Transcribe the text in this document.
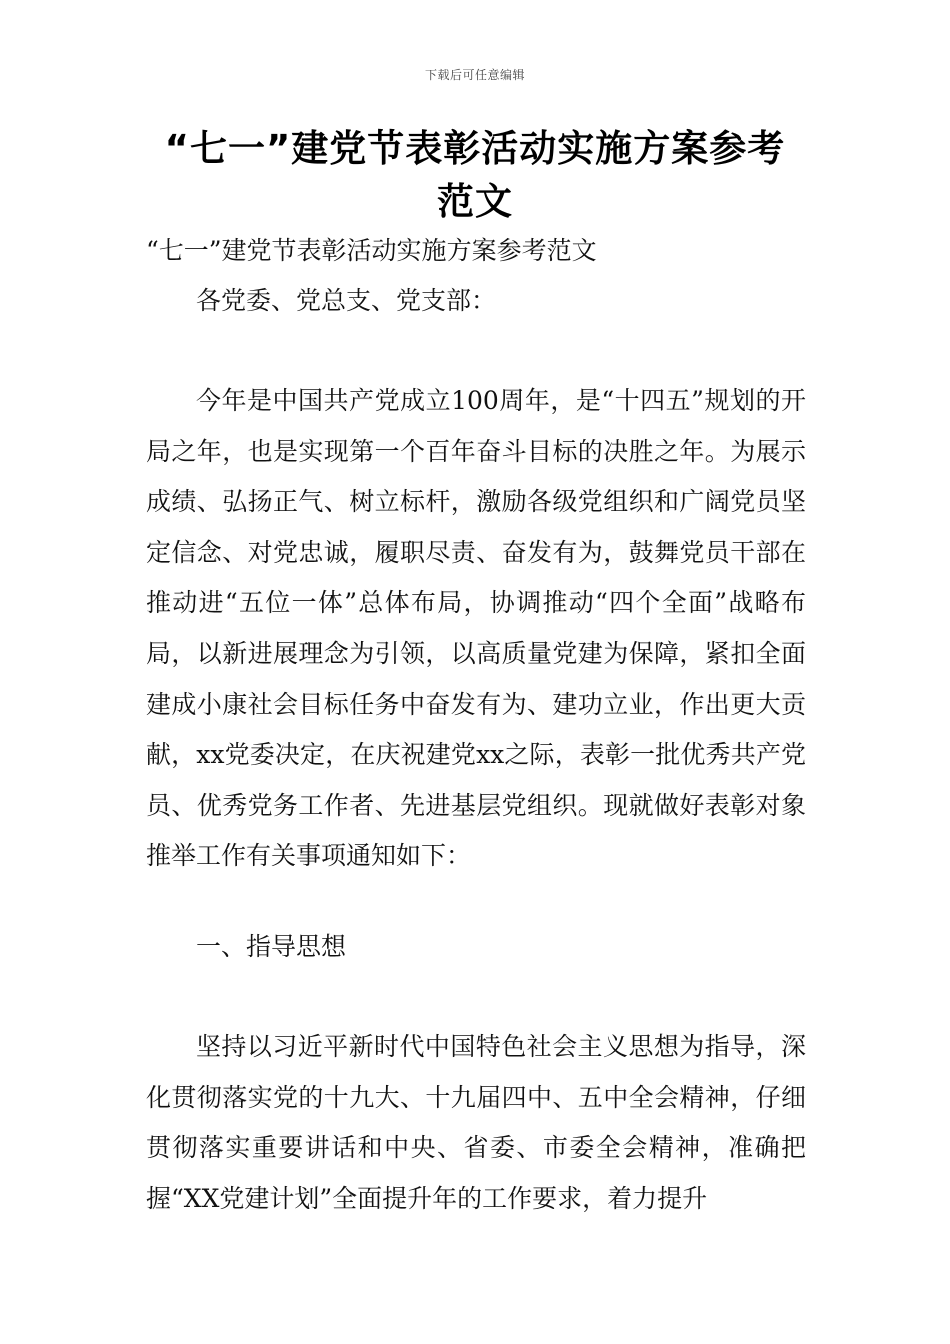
下载后可任意编辑
“七一”建党节表彰活动实施方案参考范文

“七一”建党节表彰活动实施方案参考范文

各党委、党总支、党支部：

今年是中国共产党成立100周年，是“十四五”规划的开局之年，也是实现第一个百年奋斗目标的决胜之年。为展示成绩、弘扬正气、树立标杆，激励各级党组织和广阔党员坚定信念、对党忠诚，履职尽责、奋发有为，鼓舞党员干部在推动进“五位一体”总体布局，协调推动“四个全面”战略布局，以新进展理念为引领，以高质量党建为保障，紧扣全面建成小康社会目标任务中奋发有为、建功立业，作出更大贡献，xx党委决定，在庆祝建党xx之际，表彰一批优秀共产党员、优秀党务工作者、先进基层党组织。现就做好表彰对象推举工作有关事项通知如下：

一、指导思想

坚持以习近平新时代中国特色社会主义思想为指导，深化贯彻落实党的十九大、十九届四中、五中全会精神，仔细贯彻落实重要讲话和中央、省委、市委全会精神，准确把握“XX党建计划”全面提升年的工作要求，着力提升
